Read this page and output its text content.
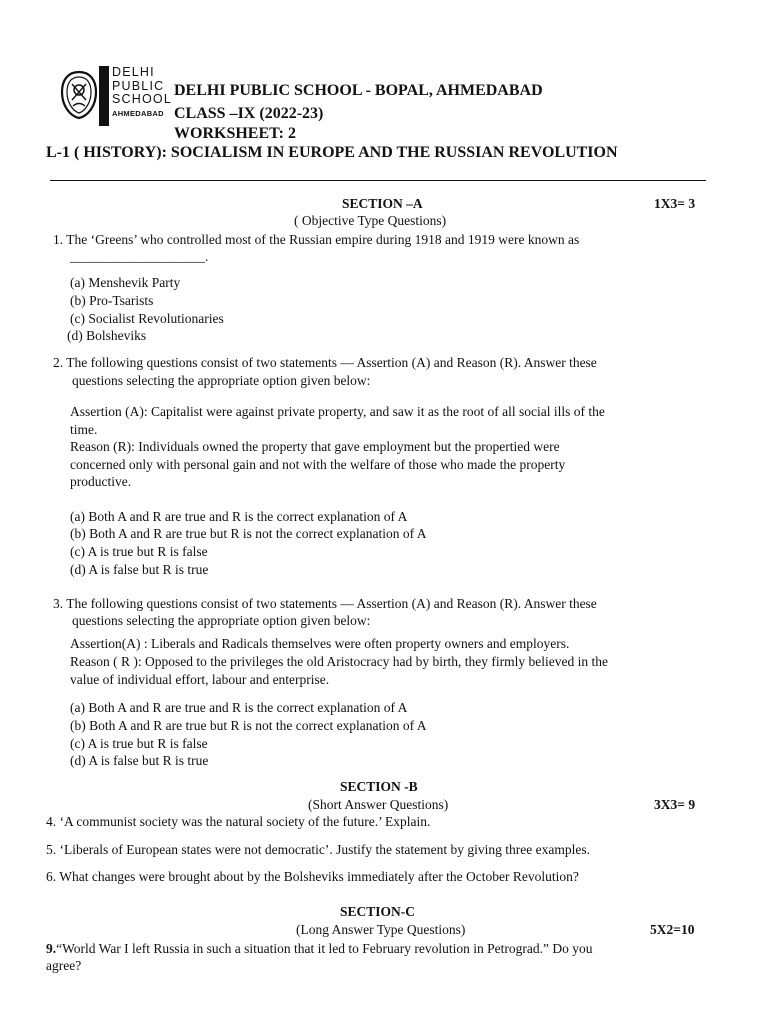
BOPAL
DELHI
PUBLIC
SCHOOL
AHMEDABAD
DELHI PUBLIC SCHOOL - BOPAL, AHMEDABAD
CLASS –IX (2022-23)
WORKSHEET: 2
L-1 ( HISTORY): SOCIALISM IN EUROPE AND THE RUSSIAN REVOLUTION
SECTION –A	1X3= 3
( Objective Type Questions)
1. The ‘Greens’ who controlled most of the Russian empire during 1918 and 1919 were known as
____________________.
(a) Menshevik Party
(b) Pro-Tsarists
(c) Socialist Revolutionaries
(d) Bolsheviks
2. The following questions consist of two statements — Assertion (A) and Reason (R). Answer these
questions selecting the appropriate option given below:
Assertion (A): Capitalist were against private property, and saw it as the root of all social ills of the
time.
Reason (R): Individuals owned the property that gave employment but the propertied were
concerned only with personal gain and not with the welfare of those who made the property
productive.
(a) Both A and R are true and R is the correct explanation of A
(b) Both A and R are true but R is not the correct explanation of A
(c) A is true but R is false
(d) A is false but R is true
3. The following questions consist of two statements — Assertion (A) and Reason (R). Answer these
questions selecting the appropriate option given below:
Assertion(A) : Liberals and Radicals themselves were often property owners and employers.
Reason ( R ): Opposed to the privileges the old Aristocracy had by birth, they firmly believed in the
value of individual effort, labour and enterprise.
(a) Both A and R are true and R is the correct explanation of A
(b) Both A and R are true but R is not the correct explanation of A
(c) A is true but R is false
(d) A is false but R is true
SECTION -B
(Short Answer Questions)	3X3= 9
4. ‘A communist society was the natural society of the future.’ Explain.
5. ‘Liberals of European states were not democratic’. Justify the statement by giving three examples.
6. What changes were brought about by the Bolsheviks immediately after the October Revolution?
SECTION-C
(Long Answer Type Questions)	5X2=10
9.“World War I left Russia in such a situation that it led to February revolution in Petrograd.” Do you
agree?
